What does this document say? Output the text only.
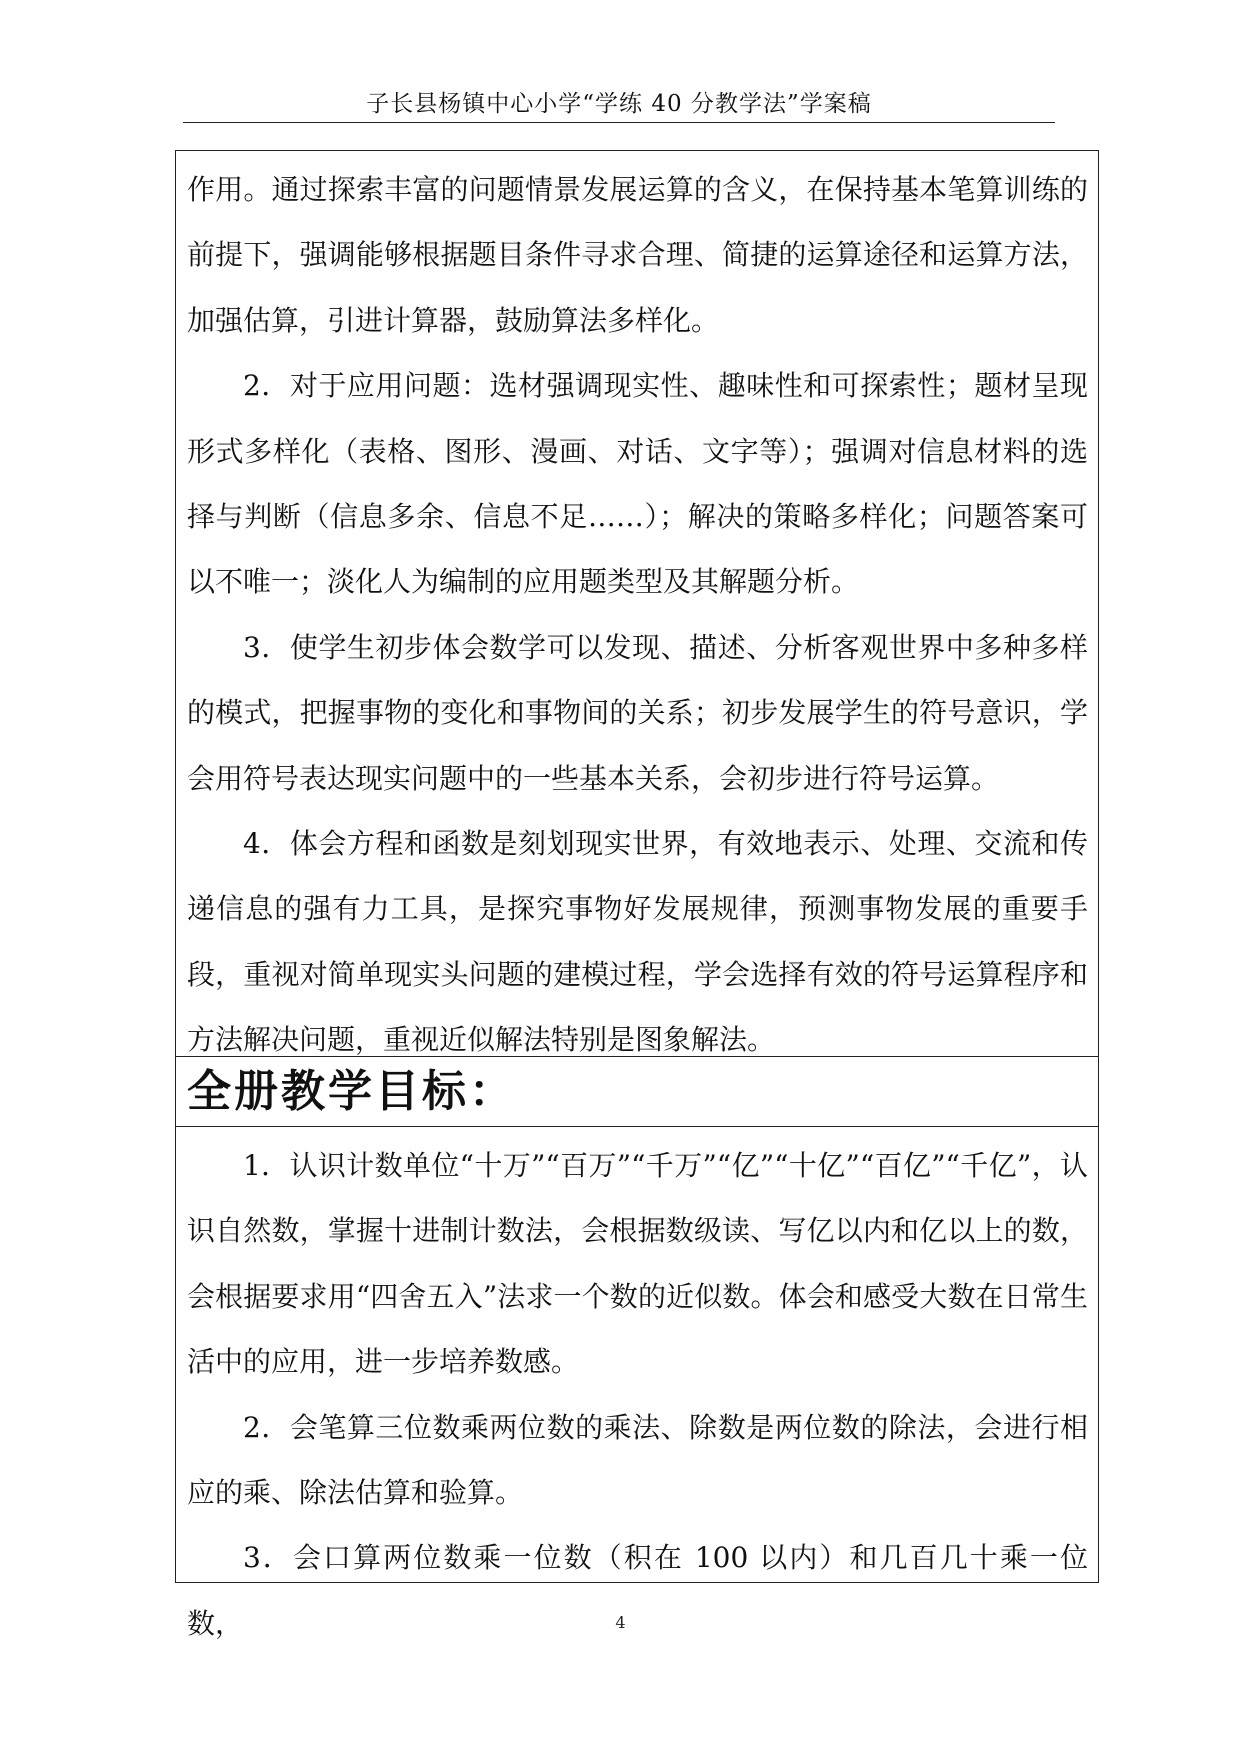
子长县杨镇中心小学“学练 40 分教学法”学案稿

作用。通过探索丰富的问题情景发展运算的含义，在保持基本笔算训练的前提下，强调能够根据题目条件寻求合理、简捷的运算途径和运算方法，加强估算，引进计算器，鼓励算法多样化。

2．对于应用问题：选材强调现实性、趣味性和可探索性；题材呈现形式多样化（表格、图形、漫画、对话、文字等）；强调对信息材料的选择与判断（信息多余、信息不足……）；解决的策略多样化；问题答案可以不唯一；淡化人为编制的应用题类型及其解题分析。

3．使学生初步体会数学可以发现、描述、分析客观世界中多种多样的模式，把握事物的变化和事物间的关系；初步发展学生的符号意识，学会用符号表达现实问题中的一些基本关系，会初步进行符号运算。

4．体会方程和函数是刻划现实世界，有效地表示、处理、交流和传递信息的强有力工具，是探究事物好发展规律，预测事物发展的重要手段，重视对简单现实头问题的建模过程，学会选择有效的符号运算程序和方法解决问题，重视近似解法特别是图象解法。

全册教学目标：

1．认识计数单位“十万”“百万”“千万”“亿”“十亿”“百亿”“千亿”，认识自然数，掌握十进制计数法，会根据数级读、写亿以内和亿以上的数，会根据要求用“四舍五入”法求一个数的近似数。体会和感受大数在日常生活中的应用，进一步培养数感。

2．会笔算三位数乘两位数的乘法、除数是两位数的除法，会进行相应的乘、除法估算和验算。

3．会口算两位数乘一位数（积在 100 以内）和几百几十乘一位数，	4
